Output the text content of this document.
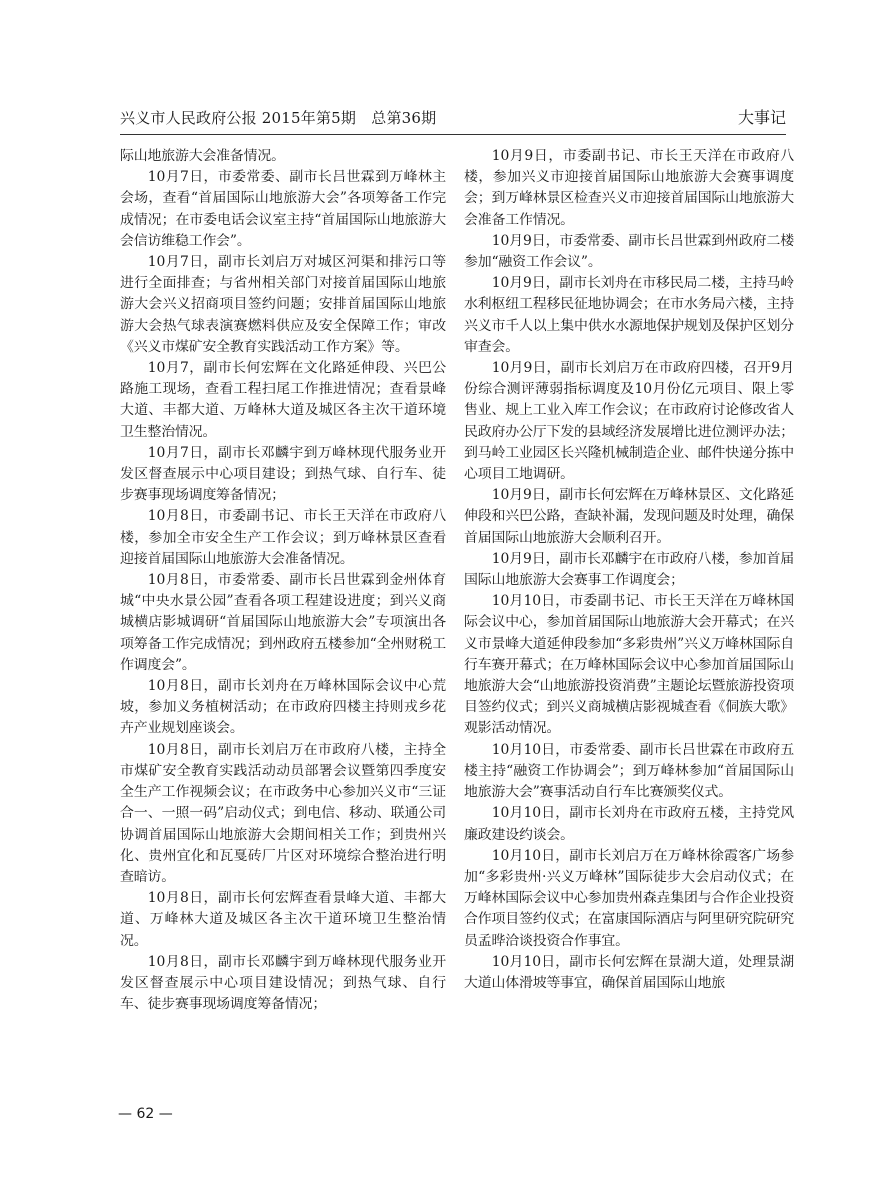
兴义市人民政府公报 2015年第5期　总第36期	大事记

际山地旅游大会准备情况。

10月7日，市委常委、副市长吕世霖到万峰林主会场，查看“首届国际山地旅游大会”各项筹备工作完成情况；在市委电话会议室主持“首届国际山地旅游大会信访维稳工作会”。

10月7日，副市长刘启万对城区河渠和排污口等进行全面排查；与省州相关部门对接首届国际山地旅游大会兴义招商项目签约问题；安排首届国际山地旅游大会热气球表演赛燃料供应及安全保障工作；审改《兴义市煤矿安全教育实践活动工作方案》等。

10月7，副市长何宏辉在文化路延伸段、兴巴公路施工现场，查看工程扫尾工作推进情况；查看景峰大道、丰都大道、万峰林大道及城区各主次干道环境卫生整治情况。

10月7日，副市长邓麟宇到万峰林现代服务业开发区督查展示中心项目建设；到热气球、自行车、徒步赛事现场调度筹备情况；

10月8日，市委副书记、市长王天洋在市政府八楼，参加全市安全生产工作会议；到万峰林景区查看迎接首届国际山地旅游大会准备情况。

10月8日，市委常委、副市长吕世霖到金州体育城“中央水景公园”查看各项工程建设进度；到兴义商城横店影城调研“首届国际山地旅游大会”专项演出各项筹备工作完成情况；到州政府五楼参加“全州财税工作调度会”。

10月8日，副市长刘舟在万峰林国际会议中心荒坡，参加义务植树活动；在市政府四楼主持则戎乡花卉产业规划座谈会。

10月8日，副市长刘启万在市政府八楼，主持全市煤矿安全教育实践活动动员部署会议暨第四季度安全生产工作视频会议；在市政务中心参加兴义市“三证合一、一照一码”启动仪式；到电信、移动、联通公司协调首届国际山地旅游大会期间相关工作；到贵州兴化、贵州宜化和瓦戛砖厂片区对环境综合整治进行明查暗访。

10月8日，副市长何宏辉查看景峰大道、丰都大道、万峰林大道及城区各主次干道环境卫生整治情况。

10月8日，副市长邓麟宇到万峰林现代服务业开发区督查展示中心项目建设情况；到热气球、自行车、徒步赛事现场调度筹备情况；

10月9日，市委副书记、市长王天洋在市政府八楼，参加兴义市迎接首届国际山地旅游大会赛事调度会；到万峰林景区检查兴义市迎接首届国际山地旅游大会准备工作情况。

10月9日，市委常委、副市长吕世霖到州政府二楼参加“融资工作会议”。

10月9日，副市长刘舟在市移民局二楼，主持马岭水利枢纽工程移民征地协调会；在市水务局六楼，主持兴义市千人以上集中供水水源地保护规划及保护区划分审查会。

10月9日，副市长刘启万在市政府四楼，召开9月份综合测评薄弱指标调度及10月份亿元项目、限上零售业、规上工业入库工作会议；在市政府讨论修改省人民政府办公厅下发的县域经济发展增比进位测评办法；到马岭工业园区长兴隆机械制造企业、邮件快递分拣中心项目工地调研。

10月9日，副市长何宏辉在万峰林景区、文化路延伸段和兴巴公路，查缺补漏，发现问题及时处理，确保首届国际山地旅游大会顺利召开。

10月9日，副市长邓麟宇在市政府八楼，参加首届国际山地旅游大会赛事工作调度会；

10月10日，市委副书记、市长王天洋在万峰林国际会议中心，参加首届国际山地旅游大会开幕式；在兴义市景峰大道延伸段参加“多彩贵州”兴义万峰林国际自行车赛开幕式；在万峰林国际会议中心参加首届国际山地旅游大会“山地旅游投资消费”主题论坛暨旅游投资项目签约仪式；到兴义商城横店影视城查看《侗族大歌》观影活动情况。

10月10日，市委常委、副市长吕世霖在市政府五楼主持“融资工作协调会”；到万峰林参加“首届国际山地旅游大会”赛事活动自行车比赛颁奖仪式。

10月10日，副市长刘舟在市政府五楼，主持党风廉政建设约谈会。

10月10日，副市长刘启万在万峰林徐霞客广场参加“多彩贵州·兴义万峰林”国际徒步大会启动仪式；在万峰林国际会议中心参加贵州森垚集团与合作企业投资合作项目签约仪式；在富康国际酒店与阿里研究院研究员孟晔洽谈投资合作事宜。

10月10日，副市长何宏辉在景湖大道，处理景湖大道山体滑坡等事宜，确保首届国际山地旅

— 62 —
